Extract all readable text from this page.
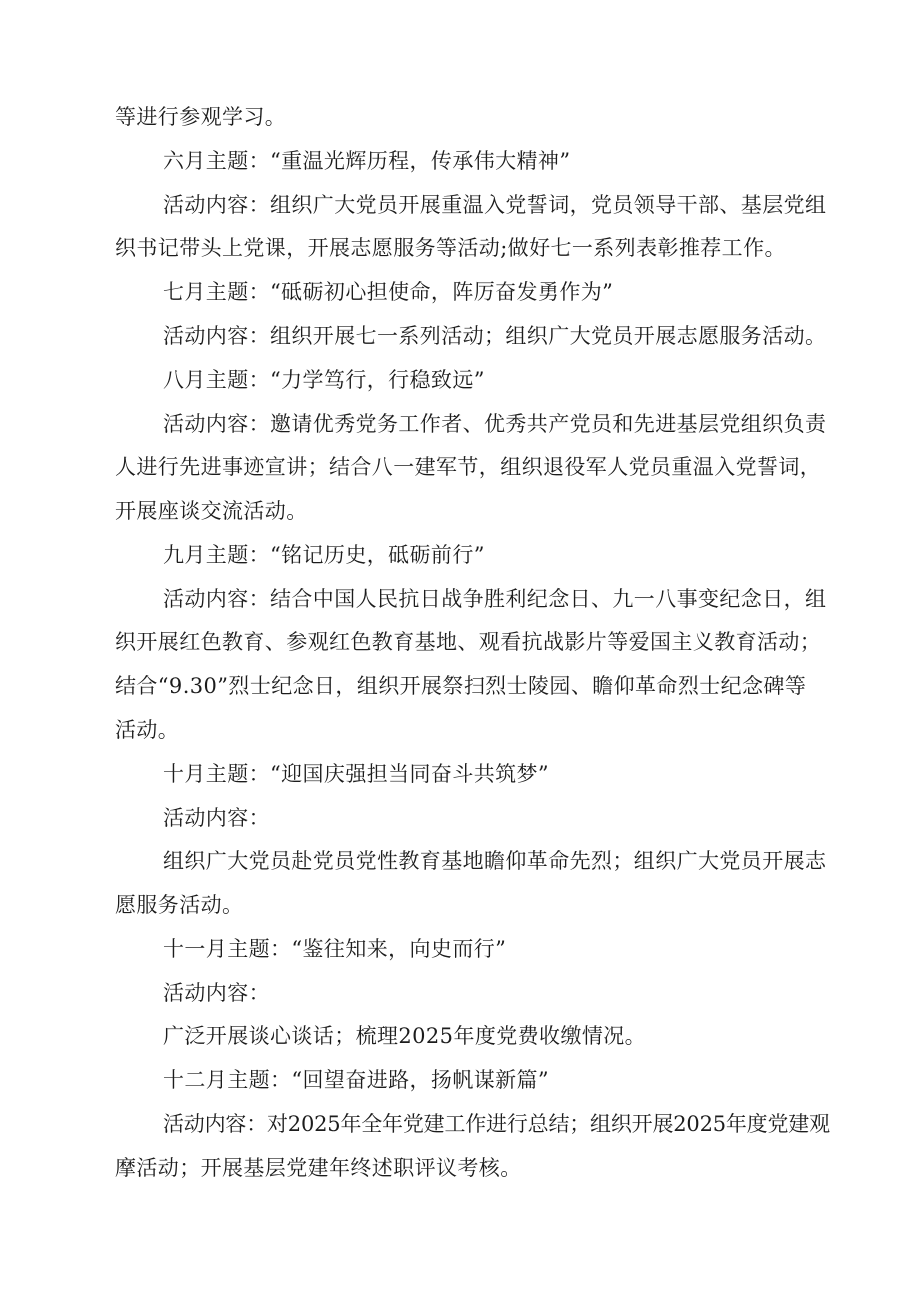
等进行参观学习。
六月主题：“重温光辉历程，传承伟大精神”
活动内容：组织广大党员开展重温入党誓词，党员领导干部、基层党组
织书记带头上党课，开展志愿服务等活动;做好七一系列表彰推荐工作。
七月主题：“砥砺初心担使命，阵厉奋发勇作为”
活动内容：组织开展七一系列活动；组织广大党员开展志愿服务活动。
八月主题：“力学笃行，行稳致远”
活动内容：邀请优秀党务工作者、优秀共产党员和先进基层党组织负责
人进行先进事迹宣讲；结合八一建军节，组织退役军人党员重温入党誓词，
开展座谈交流活动。
九月主题：“铭记历史，砥砺前行”
活动内容：结合中国人民抗日战争胜利纪念日、九一八事变纪念日，组
织开展红色教育、参观红色教育基地、观看抗战影片等爱国主义教育活动；
结合“9.30”烈士纪念日，组织开展祭扫烈士陵园、瞻仰革命烈士纪念碑等
活动。
十月主题：“迎国庆强担当同奋斗共筑梦”
活动内容：
组织广大党员赴党员党性教育基地瞻仰革命先烈；组织广大党员开展志
愿服务活动。
十一月主题：“鉴往知来，向史而行”
活动内容：
广泛开展谈心谈话；梳理2025年度党费收缴情况。
十二月主题：“回望奋进路，扬帆谋新篇”
活动内容：对2025年全年党建工作进行总结；组织开展2025年度党建观
摩活动；开展基层党建年终述职评议考核。
